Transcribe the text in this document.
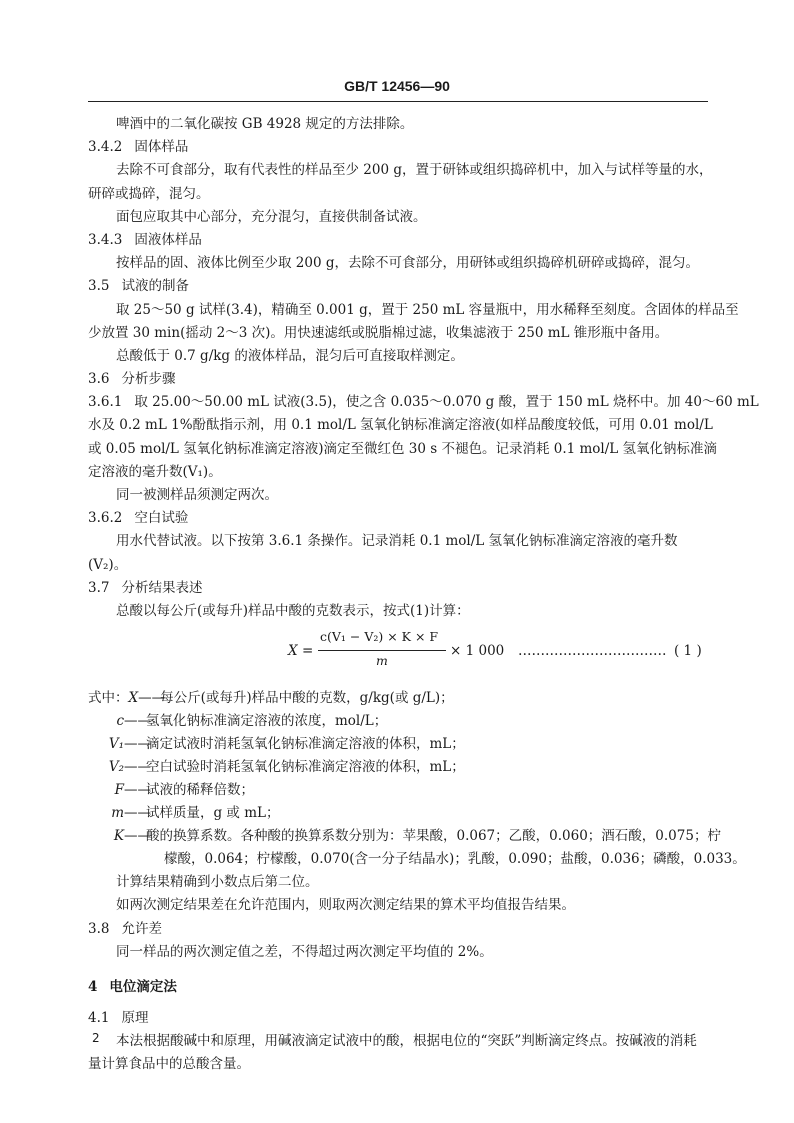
GB/T 12456—90
啤酒中的二氧化碳按 GB 4928 规定的方法排除。
3.4.2 固体样品
去除不可食部分，取有代表性的样品至少 200 g，置于研钵或组织捣碎机中，加入与试样等量的水，
研碎或捣碎，混匀。
面包应取其中心部分，充分混匀，直接供制备试液。
3.4.3 固液体样品
按样品的固、液体比例至少取 200 g，去除不可食部分，用研钵或组织捣碎机研碎或捣碎，混匀。
3.5 试液的制备
取 25～50 g 试样(3.4)，精确至 0.001 g，置于 250 mL 容量瓶中，用水稀释至刻度。含固体的样品至
少放置 30 min(摇动 2～3 次)。用快速滤纸或脱脂棉过滤，收集滤液于 250 mL 锥形瓶中备用。
总酸低于 0.7 g/kg 的液体样品，混匀后可直接取样测定。
3.6 分析步骤
3.6.1 取 25.00～50.00 mL 试液(3.5)，使之含 0.035～0.070 g 酸，置于 150 mL 烧杯中。加 40～60 mL
水及 0.2 mL 1%酚酞指示剂，用 0.1 mol/L 氢氧化钠标准滴定溶液(如样品酸度较低，可用 0.01 mol/L
或 0.05 mol/L 氢氧化钠标准滴定溶液)滴定至微红色 30 s 不褪色。记录消耗 0.1 mol/L 氢氧化钠标准滴
定溶液的毫升数(V₁)。
同一被测样品须测定两次。
3.6.2 空白试验
用水代替试液。以下按第 3.6.1 条操作。记录消耗 0.1 mol/L 氢氧化钠标准滴定溶液的毫升数
(V₂)。
3.7 分析结果表述
总酸以每公斤(或每升)样品中酸的克数表示，按式(1)计算：
X =
c(V₁ − V₂) × K × F
m
× 1 000 …………………………… ( 1 )
式中：X——每公斤(或每升)样品中酸的克数，g/kg(或 g/L)；
c——氢氧化钠标准滴定溶液的浓度，mol/L；
V₁——滴定试液时消耗氢氧化钠标准滴定溶液的体积，mL；
V₂——空白试验时消耗氢氧化钠标准滴定溶液的体积，mL；
F——试液的稀释倍数；
m——试样质量，g 或 mL；
K——酸的换算系数。各种酸的换算系数分别为：苹果酸，0.067；乙酸，0.060；酒石酸，0.075；柠
檬酸，0.064；柠檬酸，0.070(含一分子结晶水)；乳酸，0.090；盐酸，0.036；磷酸，0.033。
计算结果精确到小数点后第二位。
如两次测定结果差在允许范围内，则取两次测定结果的算术平均值报告结果。
3.8 允许差
同一样品的两次测定值之差，不得超过两次测定平均值的 2%。
4 电位滴定法
4.1 原理
本法根据酸碱中和原理，用碱液滴定试液中的酸，根据电位的“突跃”判断滴定终点。按碱液的消耗
量计算食品中的总酸含量。
2
